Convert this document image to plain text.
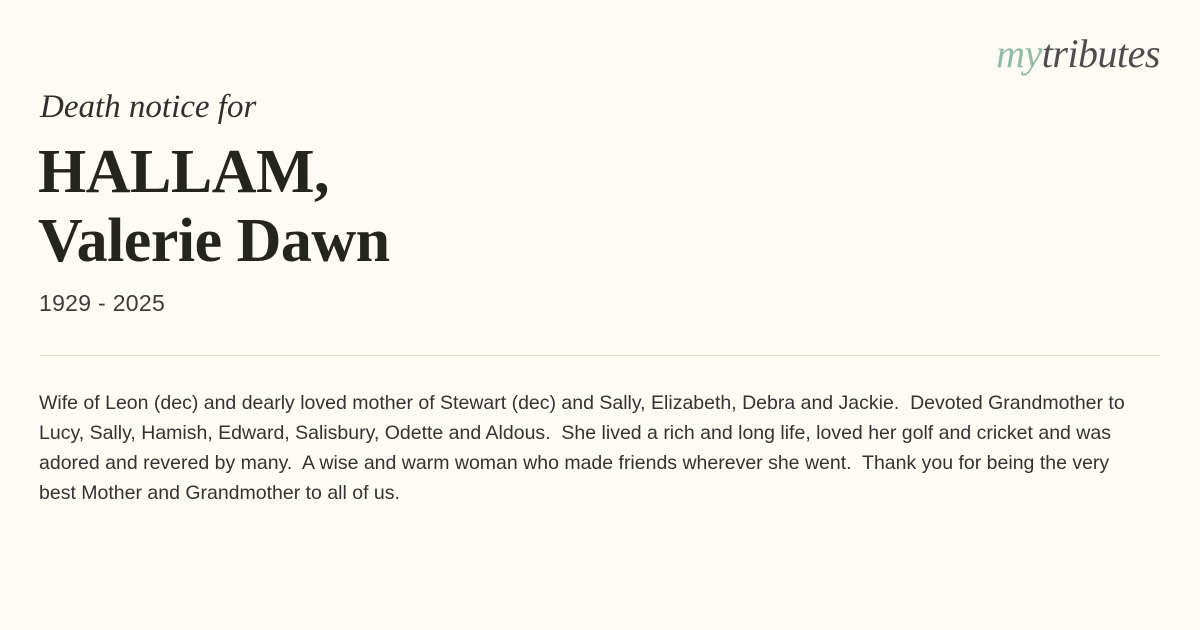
mytributes
Death notice for
HALLAM,
Valerie Dawn
1929 - 2025
Wife of Leon (dec) and dearly loved mother of Stewart (dec) and Sally, Elizabeth, Debra and Jackie.  Devoted Grandmother to Lucy, Sally, Hamish, Edward, Salisbury, Odette and Aldous.  She lived a rich and long life, loved her golf and cricket and was adored and revered by many.  A wise and warm woman who made friends wherever she went.  Thank you for being the very best Mother and Grandmother to all of us.
